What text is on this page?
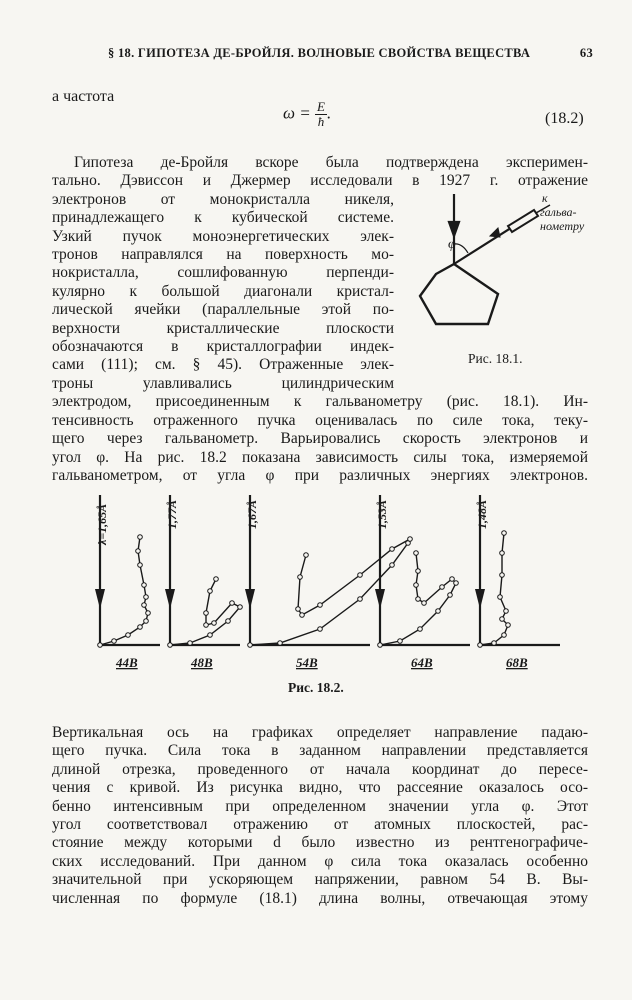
§ 18. ГИПОТЕЗА ДЕ-БРОЙЛЯ. ВОЛНОВЫЕ СВОЙСТВА ВЕЩЕСТВА	63
а частота
$\omega = \frac{E}{ħ}$ .	(18.2)
Гипотеза де-Бройля вскоре была подтверждена эксперимен-
тально. Дэвиссон и Джермер исследовали в 1927 г. отражение
электронов от монокристалла никеля,
принадлежащего к кубической системе.
Узкий пучок моноэнергетических элек-
тронов направлялся на поверхность мо-
нокристалла, сошлифованную перпенди-
кулярно к большой диагонали кристал-
лической ячейки (параллельные этой по-
верхности кристаллические плоскости
обозначаются в кристаллографии индек-
сами (111); см. § 45). Отраженные элек-
троны улавливались цилиндрическим
электродом, присоединенным к гальванометру (рис. 18.1). Ин-
тенсивность отраженного пучка оценивалась по силе тока, теку-
щего через гальванометр. Варьировались скорость электронов и
угол φ. На рис. 18.2 показана зависимость силы тока, измеряемой
гальванометром, от угла φ при различных энергиях электронов.
φ
к
гальва-
нометру
Рис. 18.1.
λ=1,65Å
44В
1,77Å
48В
1,67Å
54В
1,53Å
64В
1,48Å
68В
Рис. 18.2.
Вертикальная ось на графиках определяет направление падаю-
щего пучка. Сила тока в заданном направлении представляется
длиной отрезка, проведенного от начала координат до пересе-
чения с кривой. Из рисунка видно, что рассеяние оказалось осо-
бенно интенсивным при определенном значении угла φ. Этот
угол соответствовал отражению от атомных плоскостей, рас-
стояние между которыми d было известно из рентгенографиче-
ских исследований. При данном φ сила тока оказалась особенно
значительной при ускоряющем напряжении, равном 54 В. Вы-
численная по формуле (18.1) длина волны, отвечающая этому
